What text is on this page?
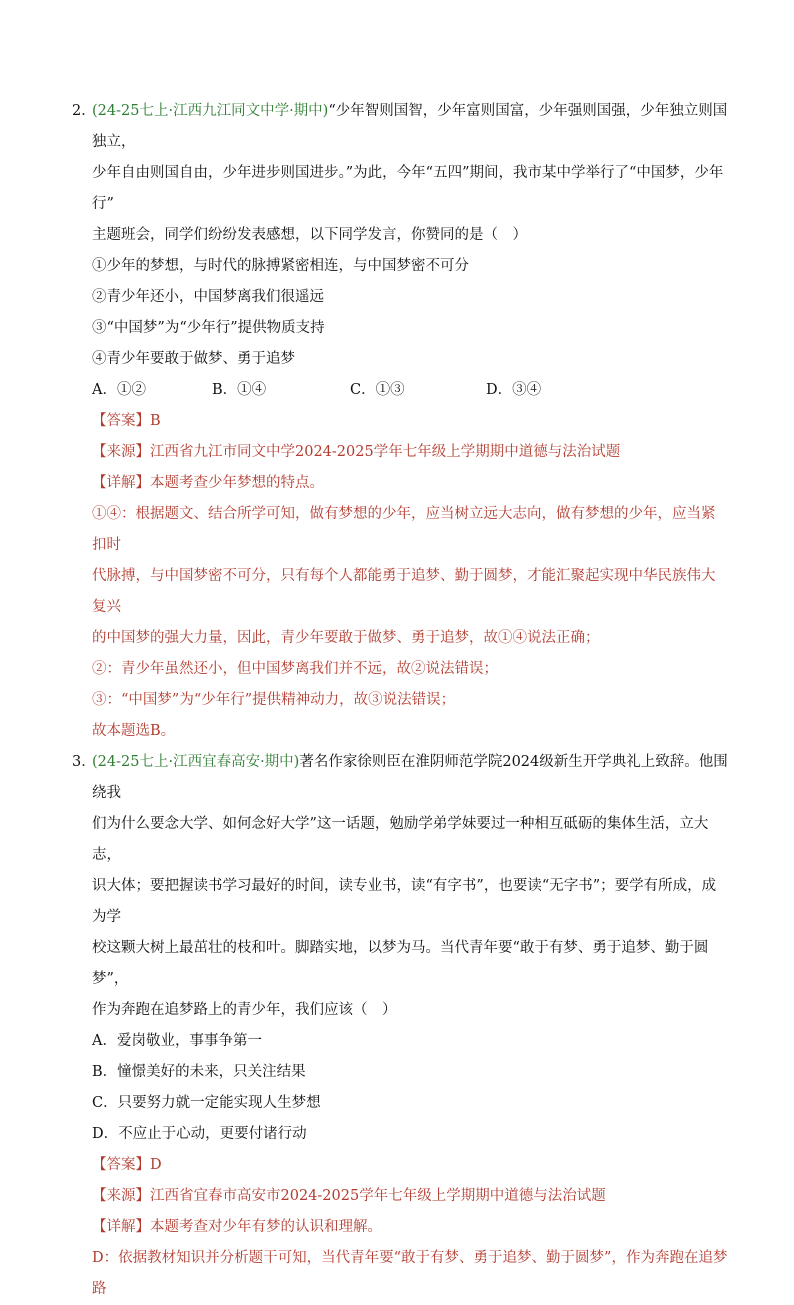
2．
(24-25七上·江西九江同文中学·期中)“少年智则国智，少年富则国富，少年强则国强，少年独立则国独立，
少年自由则国自由，少年进步则国进步。”为此，今年“五四”期间，我市某中学举行了“中国梦，少年行”
主题班会，同学们纷纷发表感想，以下同学发言，你赞同的是（　）
①少年的梦想，与时代的脉搏紧密相连，与中国梦密不可分
②青少年还小，中国梦离我们很遥远
③“中国梦”为“少年行”提供物质支持
④青少年要敢于做梦、勇于追梦
A．①②	B．①④	C．①③	D．③④
【答案】B
【来源】江西省九江市同文中学2024-2025学年七年级上学期期中道德与法治试题
【详解】本题考查少年梦想的特点。
①④：根据题文、结合所学可知，做有梦想的少年，应当树立远大志向，做有梦想的少年，应当紧扣时
代脉搏，与中国梦密不可分，只有每个人都能勇于追梦、勤于圆梦，才能汇聚起实现中华民族伟大复兴
的中国梦的强大力量，因此，青少年要敢于做梦、勇于追梦，故①④说法正确；
②：青少年虽然还小，但中国梦离我们并不远，故②说法错误；
③：“中国梦”为“少年行”提供精神动力，故③说法错误；
故本题选B。
3．
(24-25七上·江西宜春高安·期中)著名作家徐则臣在淮阴师范学院2024级新生开学典礼上致辞。他围绕我
们为什么要念大学、如何念好大学”这一话题，勉励学弟学妹要过一种相互砥砺的集体生活，立大志，
识大体；要把握读书学习最好的时间，读专业书，读“有字书”，也要读“无字书”；要学有所成，成为学
校这颗大树上最茁壮的枝和叶。脚踏实地，以梦为马。当代青年要“敢于有梦、勇于追梦、勤于圆梦”，
作为奔跑在追梦路上的青少年，我们应该（　）
A．爱岗敬业，事事争第一
B．憧憬美好的未来，只关注结果
C．只要努力就一定能实现人生梦想
D．不应止于心动，更要付诸行动
【答案】D
【来源】江西省宜春市高安市2024-2025学年七年级上学期期中道德与法治试题
【详解】本题考查对少年有梦的认识和理解。
D：依据教材知识并分析题干可知，当代青年要“敢于有梦、勇于追梦、勤于圆梦”，作为奔跑在追梦路
